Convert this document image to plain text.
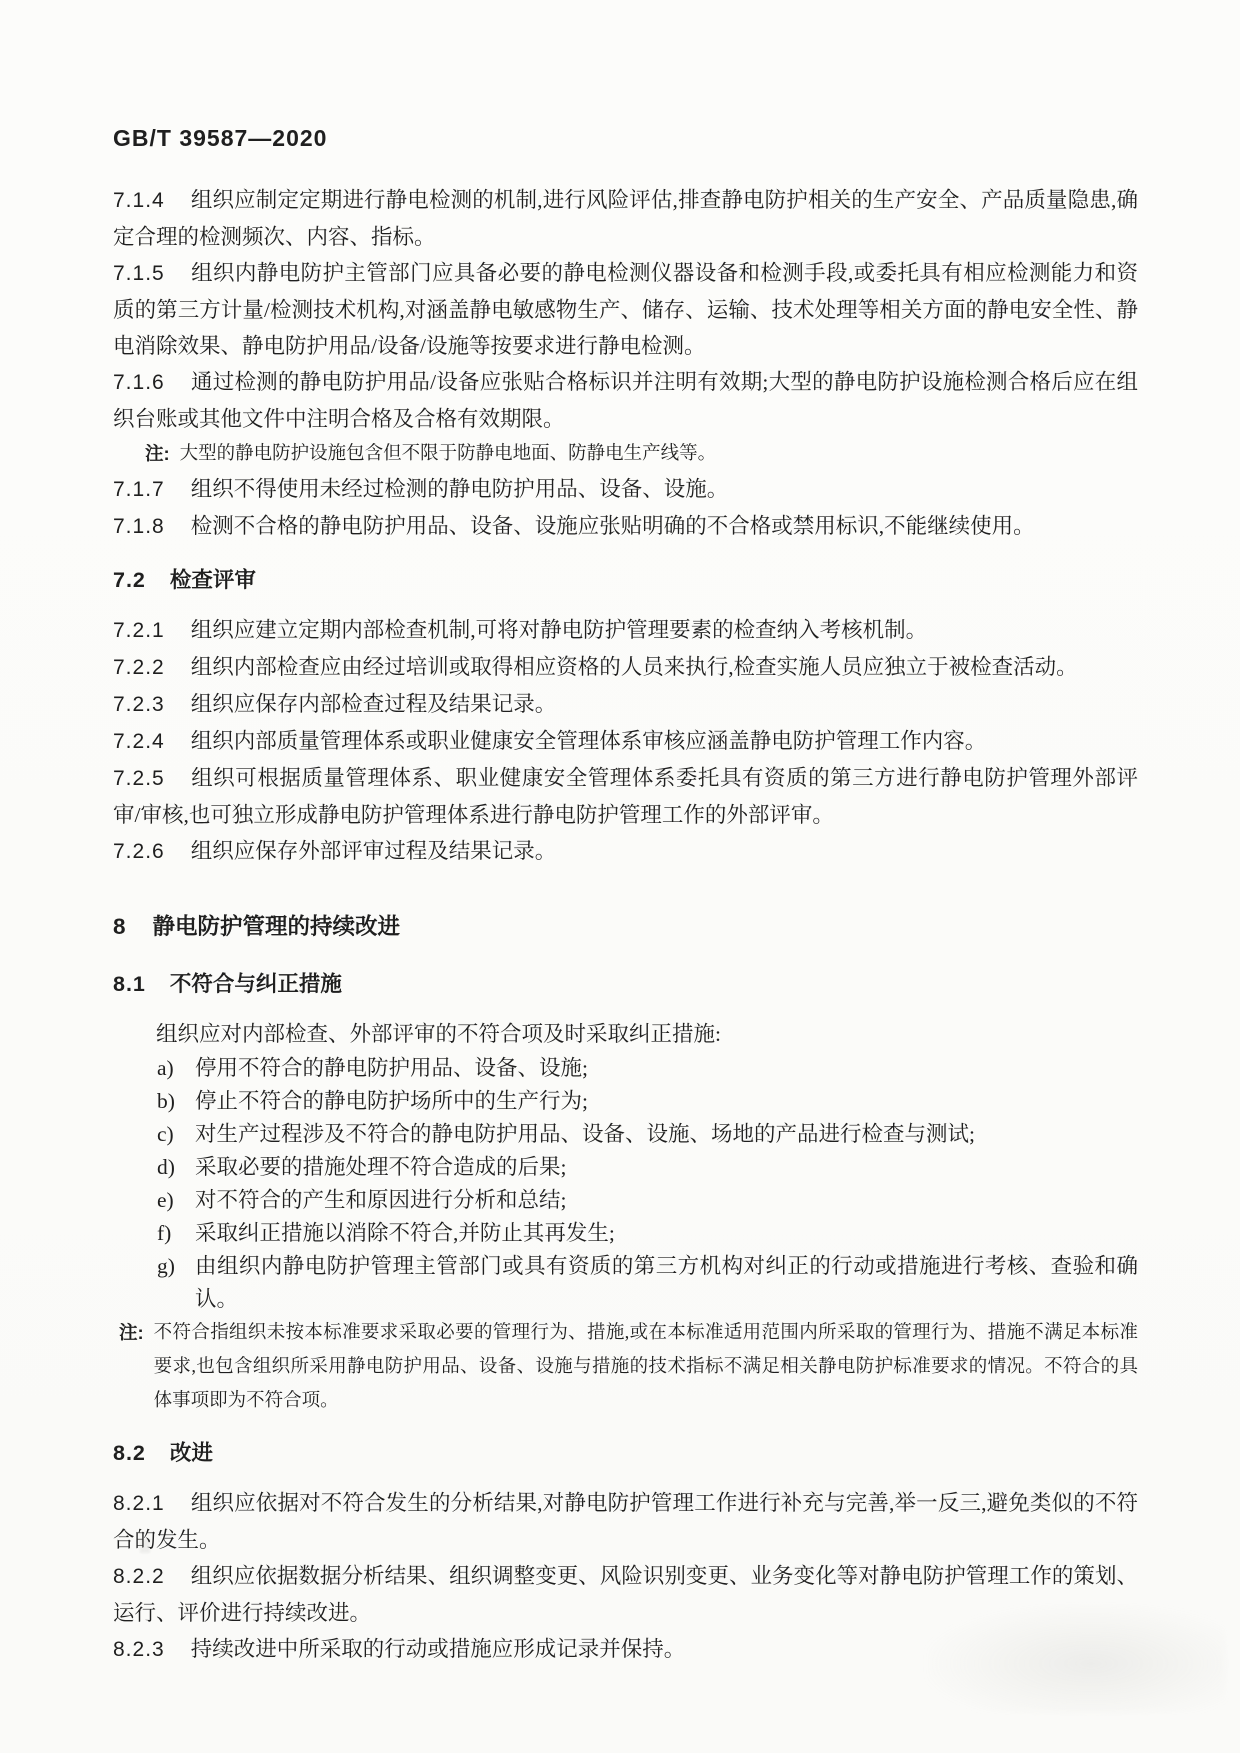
GB/T 39587—2020

7.1.4 组织应制定定期进行静电检测的机制,进行风险评估,排查静电防护相关的生产安全、产品质量隐患,确定合理的检测频次、内容、指标。

7.1.5 组织内静电防护主管部门应具备必要的静电检测仪器设备和检测手段,或委托具有相应检测能力和资质的第三方计量/检测技术机构,对涵盖静电敏感物生产、储存、运输、技术处理等相关方面的静电安全性、静电消除效果、静电防护用品/设备/设施等按要求进行静电检测。

7.1.6 通过检测的静电防护用品/设备应张贴合格标识并注明有效期;大型的静电防护设施检测合格后应在组织台账或其他文件中注明合格及合格有效期限。

注: 大型的静电防护设施包含但不限于防静电地面、防静电生产线等。

7.1.7 组织不得使用未经过检测的静电防护用品、设备、设施。

7.1.8 检测不合格的静电防护用品、设备、设施应张贴明确的不合格或禁用标识,不能继续使用。

7.2 检查评审

7.2.1 组织应建立定期内部检查机制,可将对静电防护管理要素的检查纳入考核机制。

7.2.2 组织内部检查应由经过培训或取得相应资格的人员来执行,检查实施人员应独立于被检查活动。

7.2.3 组织应保存内部检查过程及结果记录。

7.2.4 组织内部质量管理体系或职业健康安全管理体系审核应涵盖静电防护管理工作内容。

7.2.5 组织可根据质量管理体系、职业健康安全管理体系委托具有资质的第三方进行静电防护管理外部评审/审核,也可独立形成静电防护管理体系进行静电防护管理工作的外部评审。

7.2.6 组织应保存外部评审过程及结果记录。

8 静电防护管理的持续改进
8.1 不符合与纠正措施

组织应对内部检查、外部评审的不符合项及时采取纠正措施:

a) 停用不符合的静电防护用品、设备、设施;
b) 停止不符合的静电防护场所中的生产行为;
c) 对生产过程涉及不符合的静电防护用品、设备、设施、场地的产品进行检查与测试;
d) 采取必要的措施处理不符合造成的后果;
e) 对不符合的产生和原因进行分析和总结;
f)	采取纠正措施以消除不符合,并防止其再发生;
g) 由组织内静电防护管理主管部门或具有资质的第三方机构对纠正的行动或措施进行考核、查验和确认。
注: 不符合指组织未按本标准要求采取必要的管理行为、措施,或在本标准适用范围内所采取的管理行为、措施不满足本标准要求,也包含组织所采用静电防护用品、设备、设施与措施的技术指标不满足相关静电防护标准要求的情况。不符合的具体事项即为不符合项。
8.2 改进

8.2.1 组织应依据对不符合发生的分析结果,对静电防护管理工作进行补充与完善,举一反三,避免类似的不符合的发生。

8.2.2 组织应依据数据分析结果、组织调整变更、风险识别变更、业务变化等对静电防护管理工作的策划、运行、评价进行持续改进。

8.2.3 持续改进中所采取的行动或措施应形成记录并保持。
